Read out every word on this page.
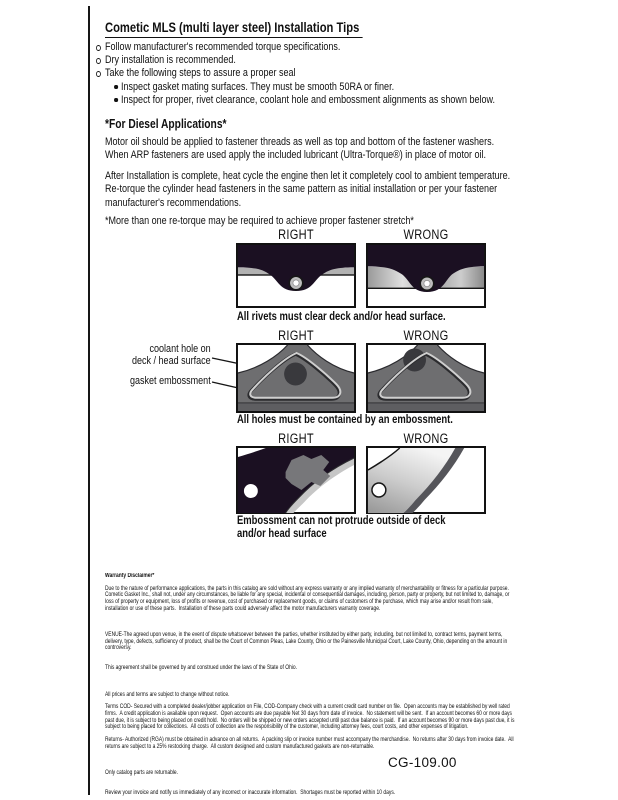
Cometic MLS (multi layer steel) Installation Tips
Follow manufacturer's recommended torque specifications.
Dry installation is recommended.
Take the following steps to assure a proper seal
Inspect gasket mating surfaces. They must be smooth 50RA or finer.
Inspect for proper, rivet clearance, coolant hole and embossment alignments as shown below.
*For Diesel Applications*
Motor oil should be applied to fastener threads as well as top and bottom of the fastener washers. When ARP fasteners are used apply the included lubricant (Ultra-Torque®) in place of motor oil.
After Installation is complete, heat cycle the engine then let it completely cool to ambient temperature. Re-torque the cylinder head fasteners in the same pattern as initial installation or per your fastener manufacturer's recommendations.
*More than one re-torque may be required to achieve proper fastener stretch*
RIGHT	WRONG
All rivets must clear deck and/or head surface.
RIGHT	WRONG
coolant hole on
deck / head surface
gasket embossment
All holes must be contained by an embossment.
RIGHT	WRONG
Embossment can not protrude outside of deck
and/or head surface
Warranty Disclaimer*

Due to the nature of performance applications, the parts in this catalog are sold without any express warranty or any implied warranty of merchantability or fitness for a particular purpose.  Cometic Gasket Inc., shall not, under any circumstances, be liable for any special, incidental or consequential damages, including, person, party or property, but not limited to, damage, or loss of property or equipment, loss of profits or revenue, cost of purchased or replacement goods, or claims of customers of the purchase, which may arise and/or result from sale, installation or use of these parts.  Installation of these parts could adversely affect the motor manufacturers warranty coverage.

VENUE-The agreed upon venue, in the event of dispute whatsoever between the parties, whether instituted by either party, including, but not limited to, contract terms, payment terms, delivery, type, defects, sufficiency of product, shall be the Court of Common Pleas, Lake County, Ohio or the Painesville Municipal Court, Lake County, Ohio, depending on the amount in controversy.

This agreement shall be governed by and construed under the laws of the State of Ohio.

All prices and terms are subject to change without notice.

Terms COD- Secured with a completed dealer/jobber application on File, COD-Company check with a current credit card number on file.  Open accounts may be established by well rated firms.  A credit application is available upon request.  Open accounts are due payable Net 30 days from date of invoice.  No statement will be sent.  If an account becomes 60 or more days past due, it is subject to being placed on credit hold.  No orders will be shipped or new orders accepted until past due balance is paid.  If an account becomes 90 or more days past due, it is subject to being placed for collections.  All costs of collection are the responsibility of the customer, including attorney fees, court costs, and other expenses of litigation.

Returns- Authorized (RGA) must be obtained in advance on all returns.  A packing slip or invoice number must accompany the merchandise.  No returns after 30 days from invoice date.  All returns are subject to a 25% restocking charge.  All custom designed and custom manufactured gaskets are non-returnable.

Only catalog parts are returnable.

Review your invoice and notify us immediately of any incorrect or inaccurate information.  Shortages must be reported within 10 days.

CG-109.00
